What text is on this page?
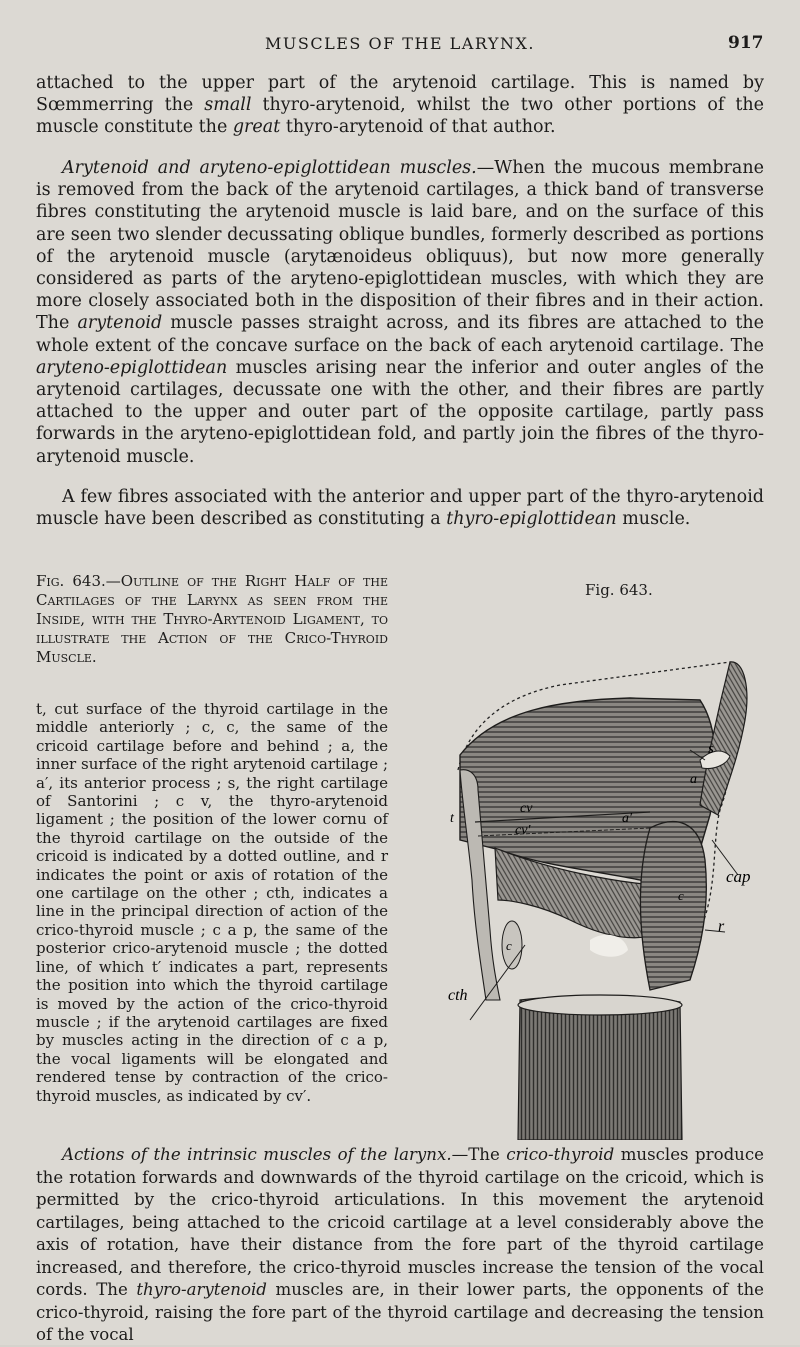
MUSCLES OF THE LARYNX.	917

attached to the upper part of the arytenoid cartilage. This is named by Sœmmerring the small thyro-arytenoid, whilst the two other portions of the muscle constitute the great thyro-arytenoid of that author.

Arytenoid and aryteno-epiglottidean muscles.—When the mucous membrane is removed from the back of the arytenoid cartilages, a thick band of transverse fibres constituting the arytenoid muscle is laid bare, and on the surface of this are seen two slender decussating oblique bundles, formerly described as portions of the arytenoid muscle (arytænoideus obliquus), but now more generally considered as parts of the aryteno-epiglottidean muscles, with which they are more closely associated both in the disposition of their fibres and in their action. The arytenoid muscle passes straight across, and its fibres are attached to the whole extent of the concave surface on the back of each arytenoid cartilage. The aryteno-epiglottidean muscles arising near the inferior and outer angles of the arytenoid cartilages, decussate one with the other, and their fibres are partly attached to the upper and outer part of the opposite cartilage, partly pass forwards in the aryteno-epiglottidean fold, and partly join the fibres of the thyro-arytenoid muscle.

A few fibres associated with the anterior and upper part of the thyro-arytenoid muscle have been described as constituting a thyro-epiglottidean muscle.

Fig. 643.—Outline of the Right Half of the Cartilages of the Larynx as seen from the Inside, with the Thyro-Arytenoid Ligament, to illustrate the Action of the Crico-Thyroid Muscle.

t, cut surface of the thyroid cartilage in the middle anteriorly ; c, c, the same of the cricoid cartilage before and behind ; a, the inner surface of the right arytenoid cartilage ; a′, its anterior process ; s, the right cartilage of Santorini ; c v, the thyro-arytenoid ligament ; the position of the lower cornu of the thyroid cartilage on the outside of the cricoid is indicated by a dotted outline, and r indicates the point or axis of rotation of the one cartilage on the other ; cth, indicates a line in the principal direction of action of the crico-thyroid muscle ; c a p, the same of the posterior crico-arytenoid muscle ; the dotted line, of which t′ indicates a part, represents the position into which the thyroid cartilage is moved by the action of the crico-thyroid muscle ; if the arytenoid cartilages are fixed by muscles acting in the direction of c a p, the vocal ligaments will be elongated and rendered tense by contraction of the crico-thyroid muscles, as indicated by cv′.

Fig. 643.
s
a
cv
cv′
a′
t
cap
c
c
r
cth

Actions of the intrinsic muscles of the larynx.—The crico-thyroid muscles produce the rotation forwards and downwards of the thyroid cartilage on the cricoid, which is permitted by the crico-thyroid articulations. In this movement the arytenoid cartilages, being attached to the cricoid cartilage at a level considerably above the axis of rotation, have their distance from the fore part of the thyroid cartilage increased, and therefore, the crico-thyroid muscles increase the tension of the vocal cords. The thyro-arytenoid muscles are, in their lower parts, the opponents of the crico-thyroid, raising the fore part of the thyroid cartilage and decreasing the tension of the vocal
